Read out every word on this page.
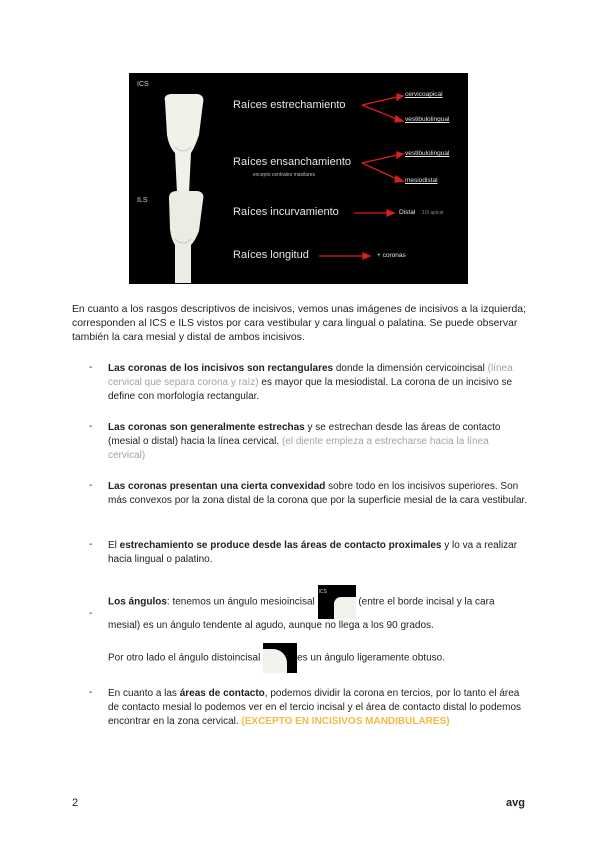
ICS
ILS
Raíces estrechamiento
cervicoapical
vestibulolingual
Raíces ensanchamiento
excepto centrales maxilares
vestibulolingual
mesiodistal
Raíces incurvamiento	Distal 1/3 apical
Raíces longitud	+ coronas
En cuanto a los rasgos descriptivos de incisivos, vemos unas imágenes de incisivos a la izquierda; corresponden al ICS e ILS vistos por cara vestibular y cara lingual o palatina. Se puede observar también la cara mesial y distal de ambos incisivos.
- Las coronas de los incisivos son rectangulares donde la dimensión cervicoincisal (línea cervical que separa corona y raíz) es mayor que la mesiodistal. La corona de un incisivo se define con morfología rectangular.
- Las coronas son generalmente estrechas y se estrechan desde las áreas de contacto (mesial o distal) hacia la línea cervical. (el diente empieza a estrecharse hacia la línea cervical)
- Las coronas presentan una cierta convexidad sobre todo en los incisivos superiores. Son más convexos por la zona distal de la corona que por la superficie mesial de la cara vestibular.
- El estrechamiento se produce desde las áreas de contacto proximales y lo va a realizar hacia lingual o palatino.
-
Los ángulos: tenemos un ángulo mesioincisal
ICS
(entre el borde incisal y la cara mesial) es un ángulo tendente al agudo, aunque no llega a los 90 grados.
Por otro lado el ángulo distoincisal	es un ángulo ligeramente obtuso.
- En cuanto a las áreas de contacto, podemos dividir la corona en tercios, por lo tanto el área de contacto mesial lo podemos ver en el tercio incisal y el área de contacto distal lo podemos encontrar en la zona cervical. (EXCEPTO EN INCISIVOS MANDIBULARES)
2	avg
